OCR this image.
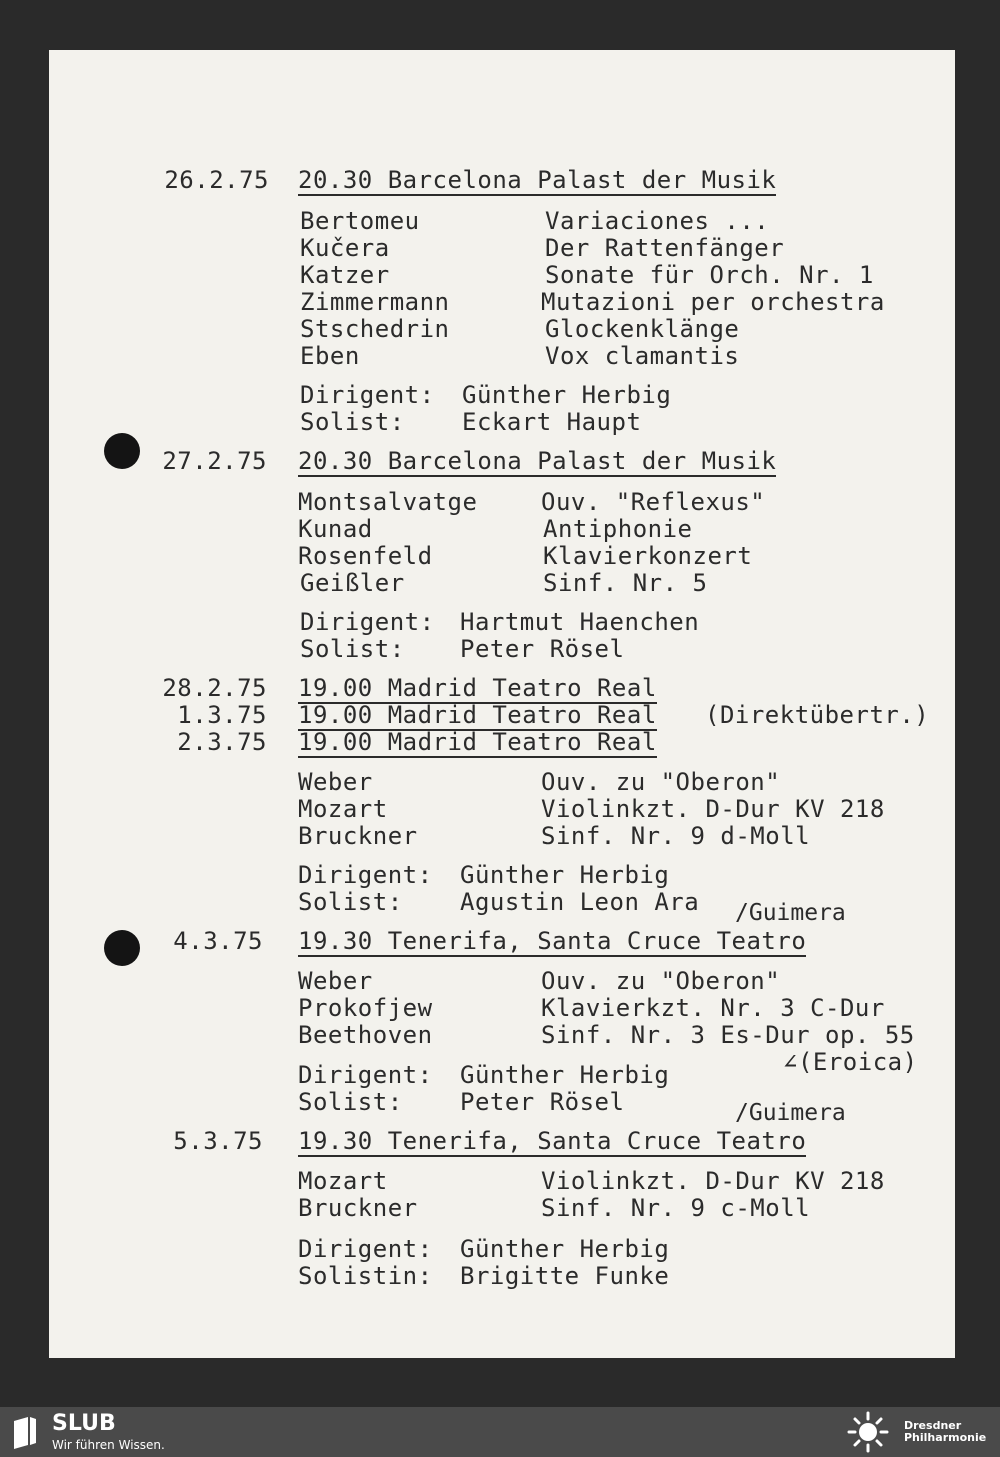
26.2.75 20.30 Barcelona Palast der Musik
Bertomeu	Variaciones ...
Kučera	Der Rattenfänger
Katzer	Sonate für Orch. Nr. 1
Zimmermann	Mutazioni per orchestra
Stschedrin	Glockenklänge
Eben	Vox clamantis
Dirigent: Günther Herbig
Solist: Eckart Haupt
27.2.75 20.30 Barcelona Palast der Musik
Montsalvatge	Ouv. "Reflexus"
Kunad	Antiphonie
Rosenfeld	Klavierkonzert
Geißler	Sinf. Nr. 5
Dirigent: Hartmut Haenchen
Solist: Peter Rösel
28.2.75 19.00 Madrid Teatro Real
1.3.75 19.00 Madrid Teatro Real (Direktübertr.)
2.3.75 19.00 Madrid Teatro Real
Weber	Ouv. zu "Oberon"
Mozart	Violinkzt. D-Dur KV 218
Bruckner	Sinf. Nr. 9 d-Moll
Dirigent: Günther Herbig
Solist: Agustin Leon Ara /Guimera
4.3.75 19.30 Tenerifa, Santa Cruce Teatro
Weber	Ouv. zu "Oberon"
Prokofjew	Klavierkzt. Nr. 3 C-Dur
Beethoven	Sinf. Nr. 3 Es-Dur op. 55
∠(Eroica)
Dirigent: Günther Herbig
Solist: Peter Rösel	/Guimera
5.3.75 19.30 Tenerifa, Santa Cruce Teatro
Mozart	Violinkzt. D-Dur KV 218
Bruckner	Sinf. Nr. 9 c-Moll
Dirigent: Günther Herbig
Solistin: Brigitte Funke
SLUB
Wir führen Wissen.
Dresdner
Philharmonie
